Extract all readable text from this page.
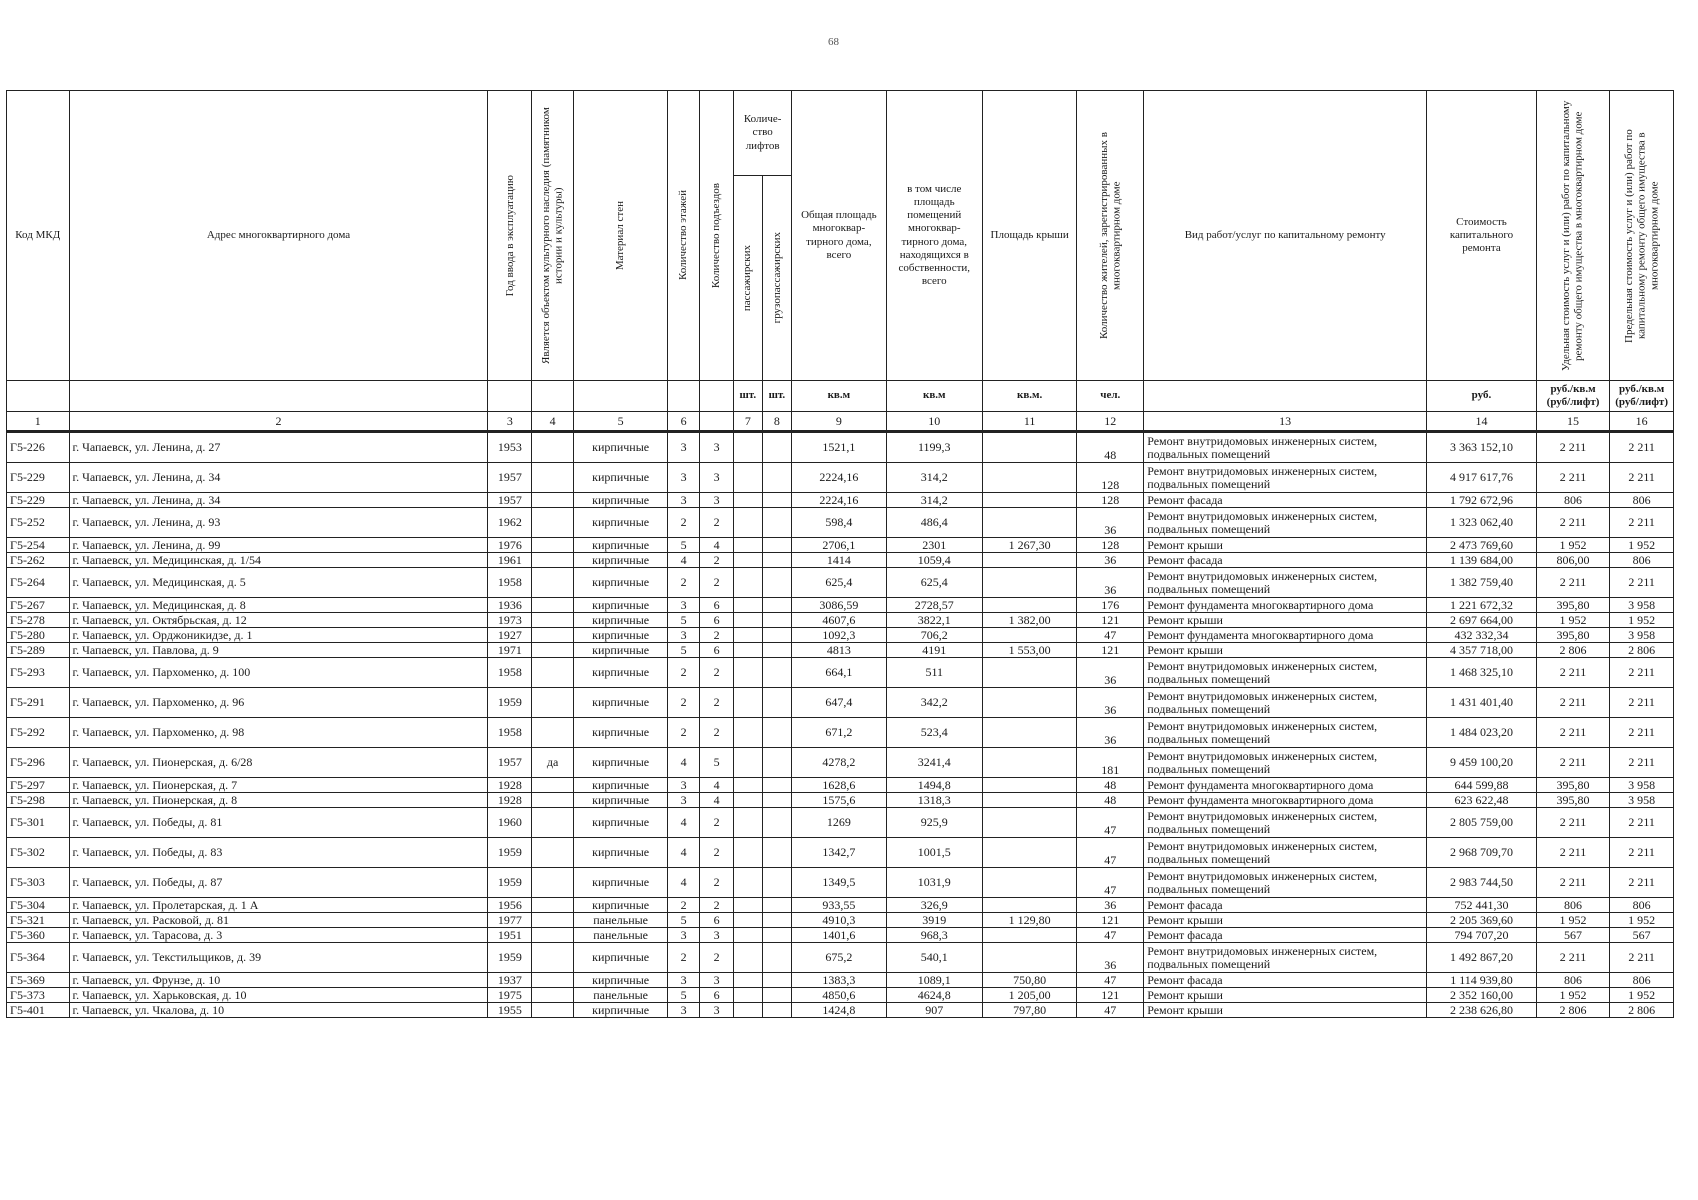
68
Код МКД	Адрес многоквартирного дома	Год ввода в эксплуатацию	Является объектом культурного наследия (памятником истории и культуры)	Материал стен	Количество этажей	Количество подъездов	Количе-ство лифтов		Общая площадь многоквар-тирного дома, всего	в том числе площадь помещений многоквар-тирного дома, находящихся в собственности, всего	Площадь крыши	Количество жителей, зарегистрированных в многоквартирном доме	Вид работ/услуг по капитальному ремонту	Стоимость капитального ремонта	Удельная стоимость услуг и (или) работ по капитальному ремонту общего имущества в многоквартирном доме	Предельная стоимость услуг и (или) работ по капитальному ремонту общего имущества в многоквартирном доме

							пассажирских	грузопассажирских								

							шт.	шт.	кв.м	кв.м	кв.м.	чел.		руб.	руб./кв.м (руб/лифт)	руб./кв.м (руб/лифт)
1	2	3	4	5	6		7	8	9	10	11	12	13	14	15	16
Г5-226	г. Чапаевск, ул. Ленина, д. 27	1953		кирпичные	3	3			1521,1	1199,3		48	Ремонт внутридомовых инженерных систем, подвальных помещений	3 363 152,10	2 211	2 211
Г5-229	г. Чапаевск, ул. Ленина, д. 34	1957		кирпичные	3	3			2224,16	314,2		128	Ремонт внутридомовых инженерных систем, подвальных помещений	4 917 617,76	2 211	2 211
Г5-229	г. Чапаевск, ул. Ленина, д. 34	1957		кирпичные	3	3			2224,16	314,2		128	Ремонт фасада	1 792 672,96	806	806
Г5-252	г. Чапаевск, ул. Ленина, д. 93	1962		кирпичные	2	2			598,4	486,4		36	Ремонт внутридомовых инженерных систем, подвальных помещений	1 323 062,40	2 211	2 211
Г5-254	г. Чапаевск, ул. Ленина, д. 99	1976		кирпичные	5	4			2706,1	2301	1 267,30	128	Ремонт крыши	2 473 769,60	1 952	1 952
Г5-262	г. Чапаевск, ул. Медицинская, д. 1/54	1961		кирпичные	4	2			1414	1059,4		36	Ремонт фасада	1 139 684,00	806,00	806
Г5-264	г. Чапаевск, ул. Медицинская, д. 5	1958		кирпичные	2	2			625,4	625,4		36	Ремонт внутридомовых инженерных систем, подвальных помещений	1 382 759,40	2 211	2 211
Г5-267	г. Чапаевск, ул. Медицинская, д. 8	1936		кирпичные	3	6			3086,59	2728,57		176	Ремонт фундамента многоквартирного дома	1 221 672,32	395,80	3 958
Г5-278	г. Чапаевск, ул. Октябрьская, д. 12	1973		кирпичные	5	6			4607,6	3822,1	1 382,00	121	Ремонт крыши	2 697 664,00	1 952	1 952
Г5-280	г. Чапаевск, ул. Орджоникидзе, д. 1	1927		кирпичные	3	2			1092,3	706,2		47	Ремонт фундамента многоквартирного дома	432 332,34	395,80	3 958
Г5-289	г. Чапаевск, ул. Павлова, д. 9	1971		кирпичные	5	6			4813	4191	1 553,00	121	Ремонт крыши	4 357 718,00	2 806	2 806
Г5-293	г. Чапаевск, ул. Пархоменко, д. 100	1958		кирпичные	2	2			664,1	511		36	Ремонт внутридомовых инженерных систем, подвальных помещений	1 468 325,10	2 211	2 211
Г5-291	г. Чапаевск, ул. Пархоменко, д. 96	1959		кирпичные	2	2			647,4	342,2		36	Ремонт внутридомовых инженерных систем, подвальных помещений	1 431 401,40	2 211	2 211
Г5-292	г. Чапаевск, ул. Пархоменко, д. 98	1958		кирпичные	2	2			671,2	523,4		36	Ремонт внутридомовых инженерных систем, подвальных помещений	1 484 023,20	2 211	2 211
Г5-296	г. Чапаевск, ул. Пионерская, д. 6/28	1957	да	кирпичные	4	5			4278,2	3241,4		181	Ремонт внутридомовых инженерных систем, подвальных помещений	9 459 100,20	2 211	2 211
Г5-297	г. Чапаевск, ул. Пионерская, д. 7	1928		кирпичные	3	4			1628,6	1494,8		48	Ремонт фундамента многоквартирного дома	644 599,88	395,80	3 958
Г5-298	г. Чапаевск, ул. Пионерская, д. 8	1928		кирпичные	3	4			1575,6	1318,3		48	Ремонт фундамента многоквартирного дома	623 622,48	395,80	3 958
Г5-301	г. Чапаевск, ул. Победы, д. 81	1960		кирпичные	4	2			1269	925,9		47	Ремонт внутридомовых инженерных систем, подвальных помещений	2 805 759,00	2 211	2 211
Г5-302	г. Чапаевск, ул. Победы, д. 83	1959		кирпичные	4	2			1342,7	1001,5		47	Ремонт внутридомовых инженерных систем, подвальных помещений	2 968 709,70	2 211	2 211
Г5-303	г. Чапаевск, ул. Победы, д. 87	1959		кирпичные	4	2			1349,5	1031,9		47	Ремонт внутридомовых инженерных систем, подвальных помещений	2 983 744,50	2 211	2 211
Г5-304	г. Чапаевск, ул. Пролетарская, д. 1 А	1956		кирпичные	2	2			933,55	326,9		36	Ремонт фасада	752 441,30	806	806
Г5-321	г. Чапаевск, ул. Расковой, д. 81	1977		панельные	5	6			4910,3	3919	1 129,80	121	Ремонт крыши	2 205 369,60	1 952	1 952
Г5-360	г. Чапаевск, ул. Тарасова, д. 3	1951		панельные	3	3			1401,6	968,3		47	Ремонт фасада	794 707,20	567	567
Г5-364	г. Чапаевск, ул. Текстильщиков, д. 39	1959		кирпичные	2	2			675,2	540,1		36	Ремонт внутридомовых инженерных систем, подвальных помещений	1 492 867,20	2 211	2 211
Г5-369	г. Чапаевск, ул. Фрунзе, д. 10	1937		кирпичные	3	3			1383,3	1089,1	750,80	47	Ремонт фасада	1 114 939,80	806	806
Г5-373	г. Чапаевск, ул. Харьковская, д. 10	1975		панельные	5	6			4850,6	4624,8	1 205,00	121	Ремонт крыши	2 352 160,00	1 952	1 952
Г5-401	г. Чапаевск, ул. Чкалова, д. 10	1955		кирпичные	3	3			1424,8	907	797,80	47	Ремонт крыши	2 238 626,80	2 806	2 806
